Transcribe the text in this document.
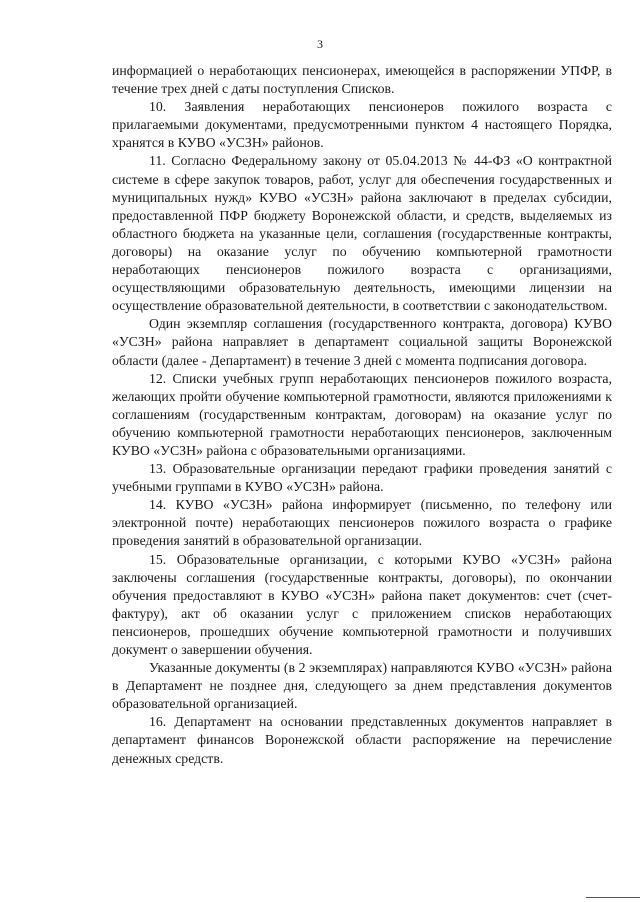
3

информацией о неработающих пенсионерах, имеющейся в распоряжении УПФР, в течение трех дней с даты поступления Списков.

10. Заявления неработающих пенсионеров пожилого возраста с прилагаемыми документами, предусмотренными пунктом 4 настоящего Порядка, хранятся в КУВО «УСЗН» районов.

11. Согласно Федеральному закону от 05.04.2013 № 44-ФЗ «О контрактной системе в сфере закупок товаров, работ, услуг для обеспечения государственных и муниципальных нужд» КУВО «УСЗН» района заключают в пределах субсидии, предоставленной ПФР бюджету Воронежской области, и средств, выделяемых из областного бюджета на указанные цели, соглашения (государственные контракты, договоры) на оказание услуг по обучению компьютерной грамотности неработающих пенсионеров пожилого возраста с организациями, осуществляющими образовательную деятельность, имеющими лицензии на осуществление образовательной деятельности, в соответствии с законодательством.

Один экземпляр соглашения (государственного контракта, договора) КУВО «УСЗН» района направляет в департамент социальной защиты Воронежской области (далее - Департамент) в течение 3 дней с момента подписания договора.

12. Списки учебных групп неработающих пенсионеров пожилого возраста, желающих пройти обучение компьютерной грамотности, являются приложениями к соглашениям (государственным контрактам, договорам) на оказание услуг по обучению компьютерной грамотности неработающих пенсионеров, заключенным КУВО «УСЗН» района с образовательными организациями.

13. Образовательные организации передают графики проведения занятий с учебными группами в КУВО «УСЗН» района.

14. КУВО «УСЗН» района информирует (письменно, по телефону или электронной почте) неработающих пенсионеров пожилого возраста о графике проведения занятий в образовательной организации.

15. Образовательные организации, с которыми КУВО «УСЗН» района заключены соглашения (государственные контракты, договоры), по окончании обучения предоставляют в КУВО «УСЗН» района пакет документов: счет (счет-фактуру), акт об оказании услуг с приложением списков неработающих пенсионеров, прошедших обучение компьютерной грамотности и получивших документ о завершении обучения.

Указанные документы (в 2 экземплярах) направляются КУВО «УСЗН» района в Департамент не позднее дня, следующего за днем представления документов образовательной организацией.

16. Департамент на основании представленных документов направляет в департамент финансов Воронежской области распоряжение на перечисление денежных средств.
